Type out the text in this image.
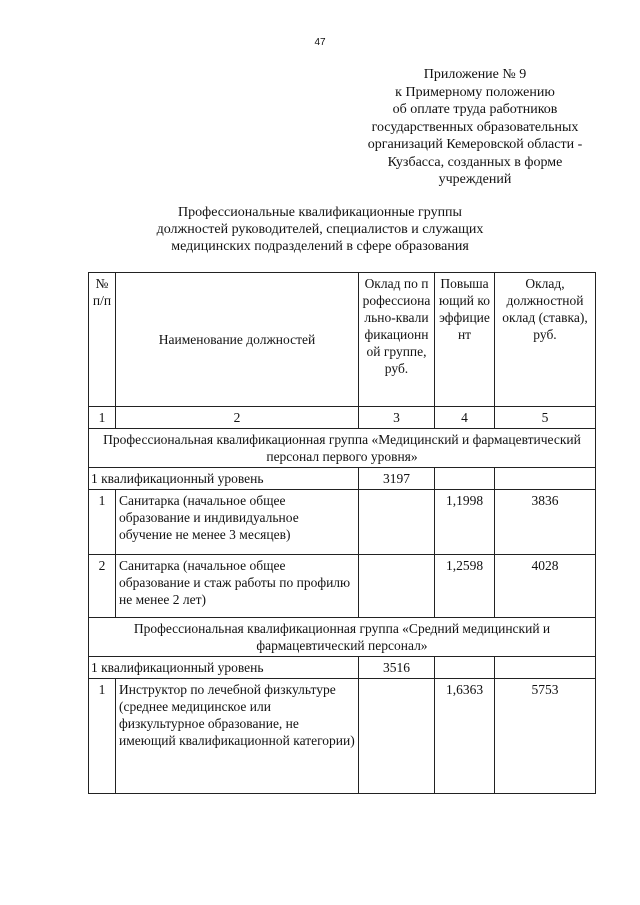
47
Приложение № 9
к Примерному положению
об оплате труда работников
государственных образовательных
организаций Кемеровской области -
Кузбасса, созданных в форме
учреждений
Профессиональные квалификационные группы
должностей руководителей, специалистов и служащих
медицинских подразделений в сфере образования
№ п/п	Наименование должностей	Оклад по профессионально-квалификационной группе, руб.	Повышающий коэффициент	Оклад, должностной оклад (ставка), руб.
1	2	3	4	5
Профессиональная квалификационная группа «Медицинский и фармацевтический персонал первого уровня»				
1 квалификационный уровень		3197		
1	Санитарка (начальное общее образование и индивидуальное обучение не менее 3 месяцев)		1,1998	3836
2	Санитарка (начальное общее образование и стаж работы по профилю не менее 2 лет)		1,2598	4028
Профессиональная квалификационная группа «Средний медицинский и фармацевтический персонал»				
1 квалификационный уровень		3516		
1	Инструктор по лечебной физкультуре (среднее медицинское или физкультурное образование, не имеющий квалификационной категории)		1,6363	5753
